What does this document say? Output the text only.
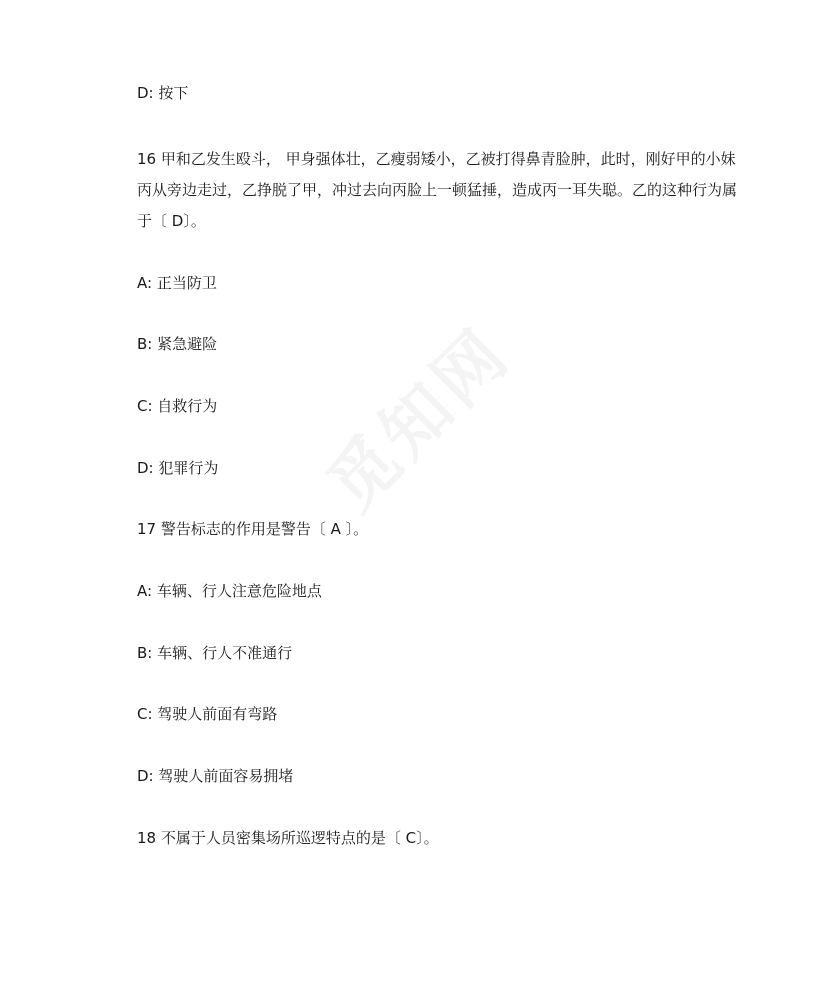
觅知网
D: 按下
16 甲和乙发生殴斗， 甲身强体壮，乙瘦弱矮小，乙被打得鼻青脸肿，此时，刚好甲的小妹丙从旁边走过，乙挣脱了甲，冲过去向丙脸上一顿猛捶，造成丙一耳失聪。乙的这种行为属于〔 D〕。
A: 正当防卫
B: 紧急避险
C: 自救行为
D: 犯罪行为
17 警告标志的作用是警告〔 A 〕。
A: 车辆、行人注意危险地点
B: 车辆、行人不准通行
C: 驾驶人前面有弯路
D: 驾驶人前面容易拥堵
18 不属于人员密集场所巡逻特点的是〔 C〕。
